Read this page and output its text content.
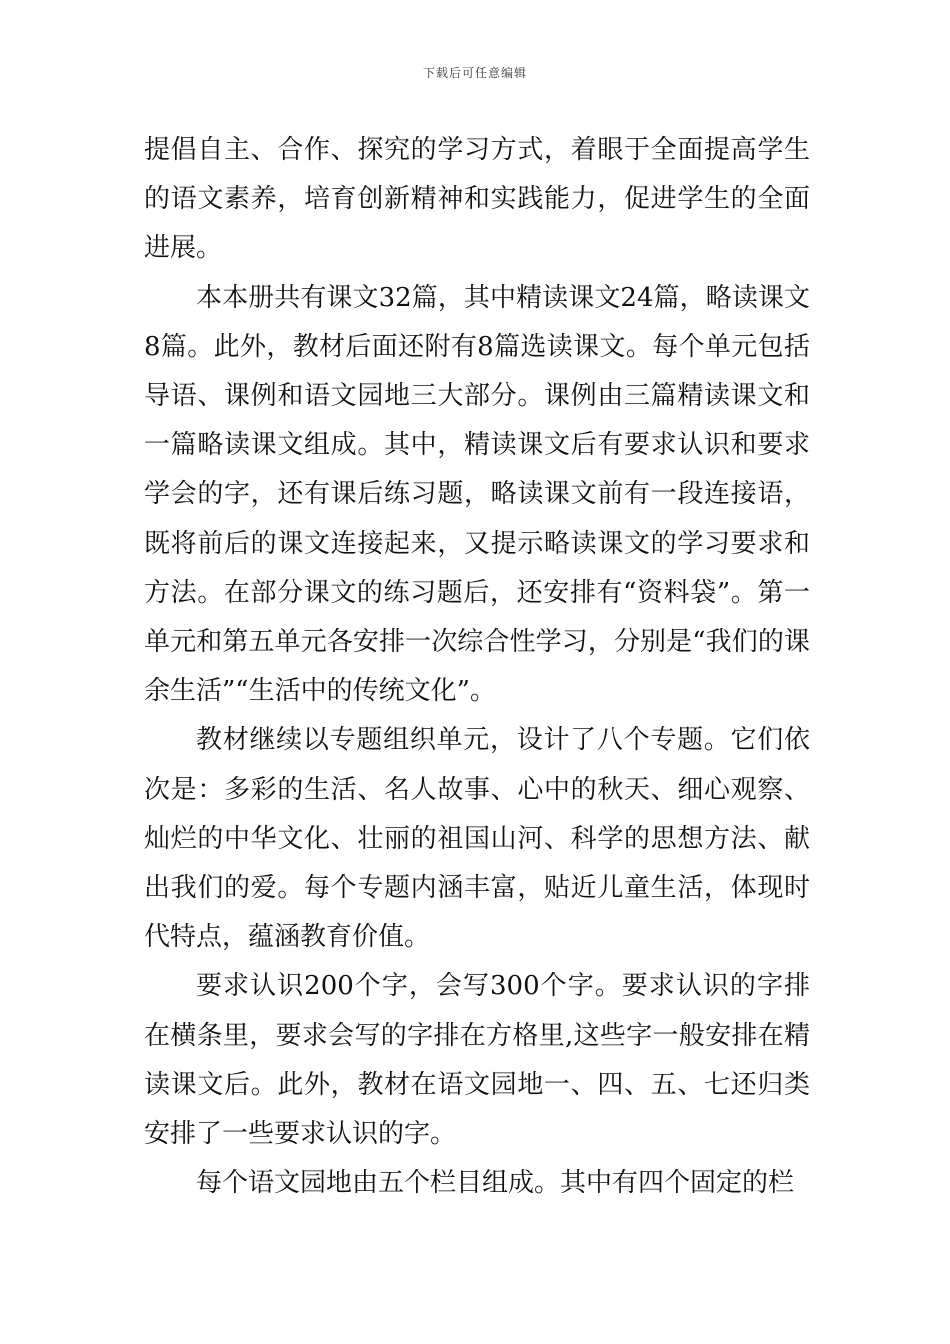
下载后可任意编辑

提倡自主、合作、探究的学习方式，着眼于全面提高学生的语文素养，培育创新精神和实践能力，促进学生的全面进展。

本本册共有课文32篇，其中精读课文24篇，略读课文8篇。此外，教材后面还附有8篇选读课文。每个单元包括导语、课例和语文园地三大部分。课例由三篇精读课文和一篇略读课文组成。其中，精读课文后有要求认识和要求学会的字，还有课后练习题，略读课文前有一段连接语，既将前后的课文连接起来，又提示略读课文的学习要求和方法。在部分课文的练习题后，还安排有“资料袋”。第一单元和第五单元各安排一次综合性学习，分别是“我们的课余生活”“生活中的传统文化”。

教材继续以专题组织单元，设计了八个专题。它们依次是：多彩的生活、名人故事、心中的秋天、细心观察、灿烂的中华文化、壮丽的祖国山河、科学的思想方法、献出我们的爱。每个专题内涵丰富，贴近儿童生活，体现时代特点，蕴涵教育价值。

要求认识200个字，会写300个字。要求认识的字排在横条里，要求会写的字排在方格里,这些字一般安排在精读课文后。此外，教材在语文园地一、四、五、七还归类安排了一些要求认识的字。

每个语文园地由五个栏目组成。其中有四个固定的栏
